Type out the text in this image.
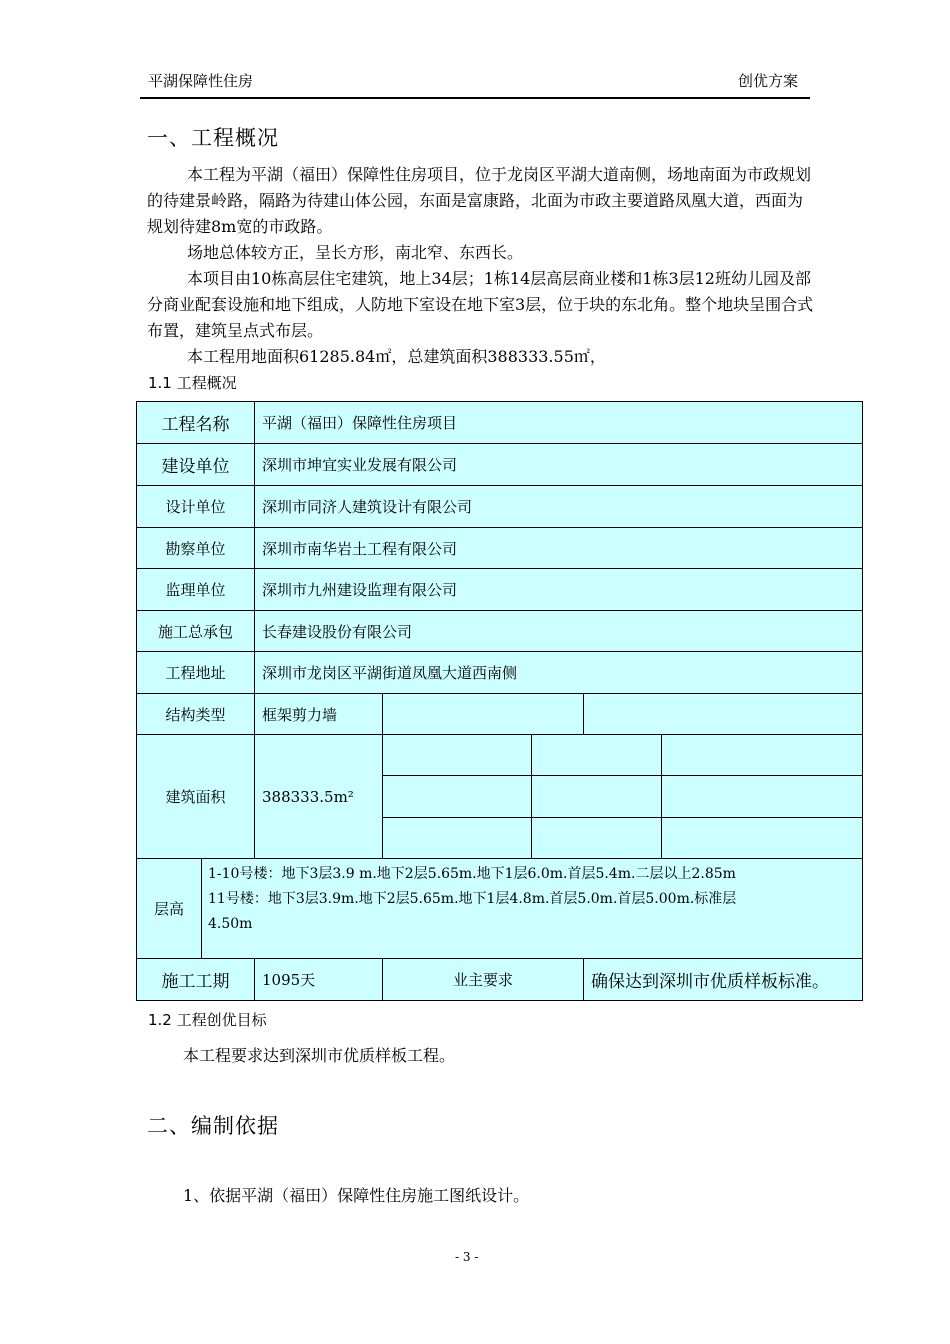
平湖保障性住房	创优方案
一、工程概况

本工程为平湖（福田）保障性住房项目，位于龙岗区平湖大道南侧，场地南面为市政规划的待建景岭路，隔路为待建山体公园，东面是富康路，北面为市政主要道路凤凰大道，西面为规划待建8m宽的市政路。

场地总体较方正，呈长方形，南北窄、东西长。

本项目由10栋高层住宅建筑，地上34层；1栋14层高层商业楼和1栋3层12班幼儿园及部分商业配套设施和地下组成，人防地下室设在地下室3层，位于块的东北角。整个地块呈围合式布置，建筑呈点式布层。

本工程用地面积61285.84㎡，总建筑面积388333.55㎡，

1.1 工程概况
工程名称	平湖（福田）保障性住房项目
建设单位	深圳市坤宜实业发展有限公司
设计单位	深圳市同济人建筑设计有限公司
勘察单位	深圳市南华岩土工程有限公司
监理单位	深圳市九州建设监理有限公司
施工总承包	长春建设股份有限公司
工程地址	深圳市龙岗区平湖街道凤凰大道西南侧
结构类型	框架剪力墙
建筑面积	388333.5m²
层高
1-10号楼：地下3层3.9 m.地下2层5.65m.地下1层6.0m.首层5.4m.二层以上2.85m
11号楼：地下3层3.9m.地下2层5.65m.地下1层4.8m.首层5.0m.首层5.00m.标准层
4.50m
施工工期	1095天	业主要求	确保达到深圳市优质样板标准。
1.2 工程创优目标
本工程要求达到深圳市优质样板工程。
二、编制依据
1、依据平湖（福田）保障性住房施工图纸设计。
- 3 -
